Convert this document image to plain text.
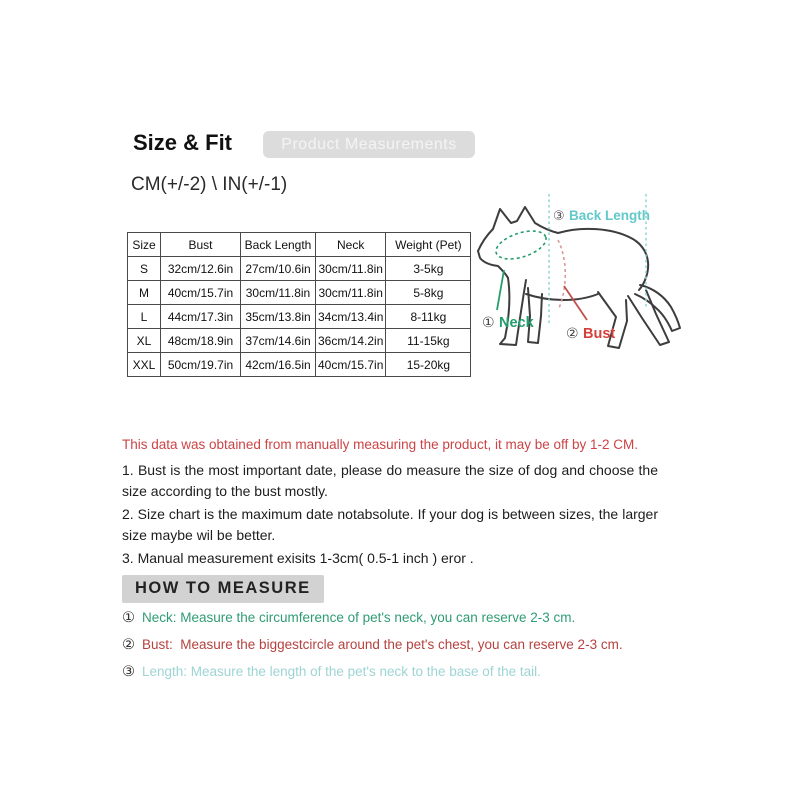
Size & Fit	Product Measurements
CM(+/-2) \ IN(+/-1)
Size	Bust	Back Length	Neck	Weight (Pet)
S	32cm/12.6in	27cm/10.6in	30cm/11.8in	3-5kg
M	40cm/15.7in	30cm/11.8in	30cm/11.8in	5-8kg
L	44cm/17.3in	35cm/13.8in	34cm/13.4in	8-11kg
XL	48cm/18.9in	37cm/14.6in	36cm/14.2in	11-15kg
XXL	50cm/19.7in	42cm/16.5in	40cm/15.7in	15-20kg
③ Back Length
① Neck
② Bust
This data was obtained from manually measuring the product, it may be off by 1-2 CM.

1. Bust is the most important date, please do measure the size of dog and choose the size according to the bust mostly.

2. Size chart is the maximum date notabsolute. If your dog is between sizes, the larger size maybe wil be better.

3. Manual measurement exisits 1-3cm( 0.5-1 inch ) eror .

HOW TO MEASURE
① Neck: Measure the circumference of pet's neck, you can reserve 2-3 cm.
② Bust:  Measure the biggestcircle around the pet's chest, you can reserve 2-3 cm.
③ Length: Measure the length of the pet's neck to the base of the tail.
